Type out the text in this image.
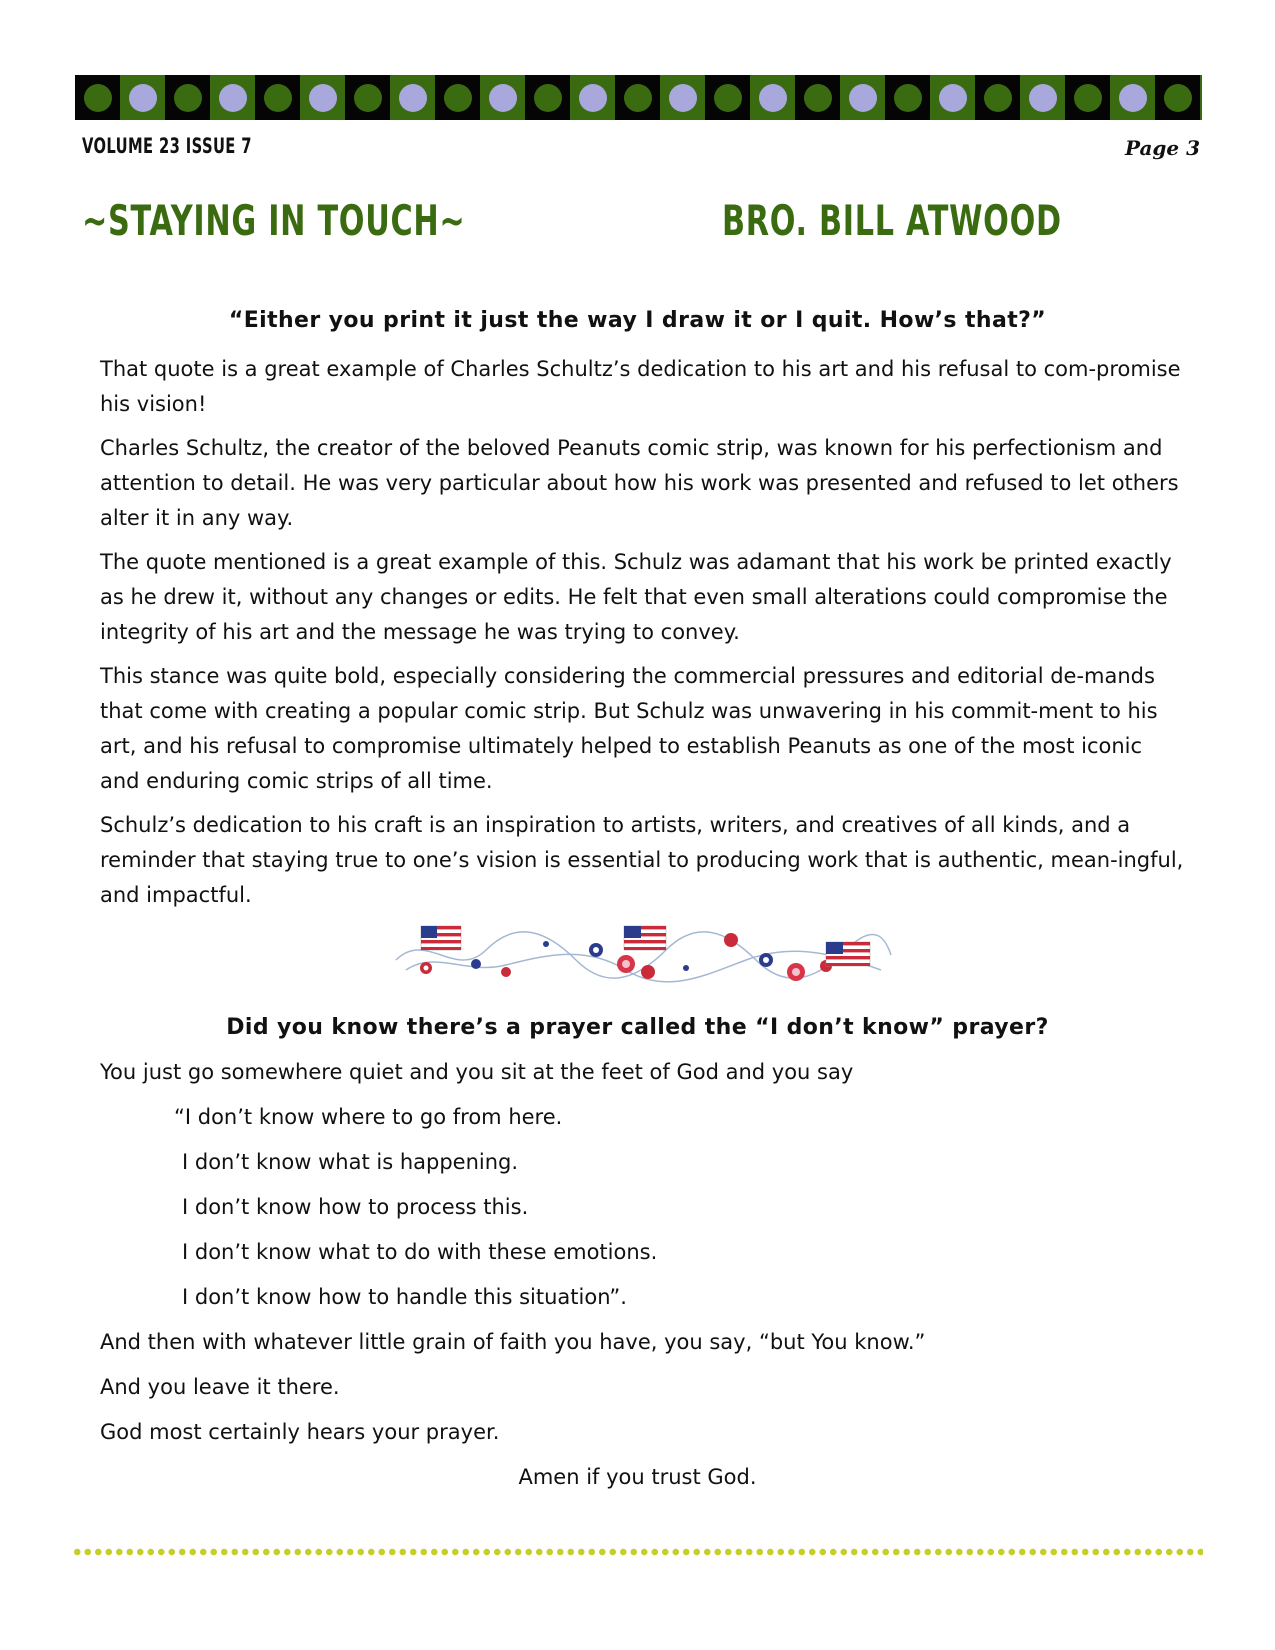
VOLUME 23 ISSUE 7	Page 3
~STAYING IN TOUCH~	BRO. BILL ATWOOD
“Either you print it just the way I draw it or I quit. How’s that?”

That quote is a great example of Charles Schultz’s dedication to his art and his refusal to com-promise his vision!

Charles Schultz, the creator of the beloved Peanuts comic strip, was known for his perfectionism and attention to detail. He was very particular about how his work was presented and refused to let others alter it in any way.

The quote mentioned is a great example of this. Schulz was adamant that his work be printed exactly as he drew it, without any changes or edits. He felt that even small alterations could compromise the integrity of his art and the message he was trying to convey.

This stance was quite bold, especially considering the commercial pressures and editorial de-mands that come with creating a popular comic strip. But Schulz was unwavering in his commit-ment to his art, and his refusal to compromise ultimately helped to establish Peanuts as one of the most iconic and enduring comic strips of all time.

Schulz’s dedication to his craft is an inspiration to artists, writers, and creatives of all kinds, and a reminder that staying true to one’s vision is essential to producing work that is authentic, mean-ingful, and impactful.

Did you know there’s a prayer called the “I don’t know” prayer?
You just go somewhere quiet and you sit at the feet of God and you say
“I don’t know where to go from here.
I don’t know what is happening.
I don’t know how to process this.
I don’t know what to do with these emotions.
I don’t know how to handle this situation”.
And then with whatever little grain of faith you have, you say, “but You know.”
And you leave it there.
God most certainly hears your prayer.
Amen if you trust God.
